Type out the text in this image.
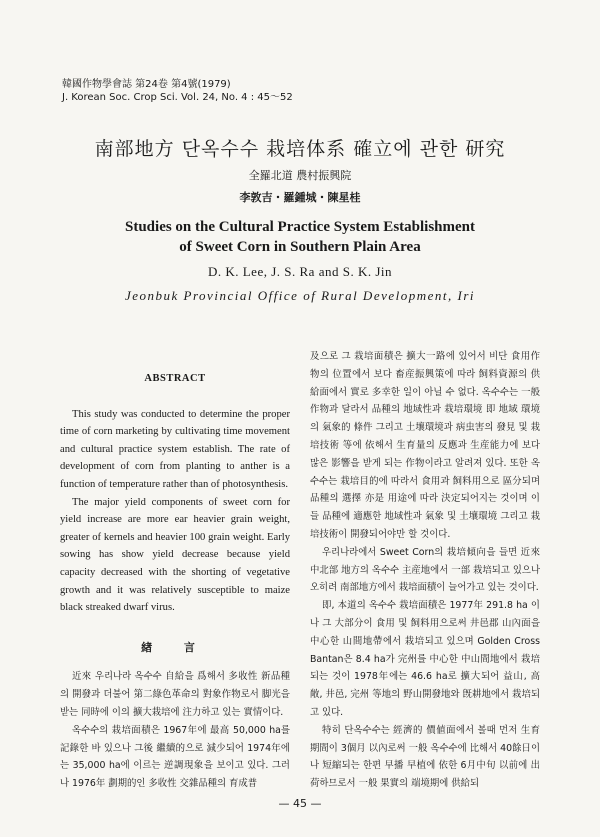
韓國作物學會誌 第24卷 第4號(1979)
J. Korean Soc. Crop Sci. Vol. 24, No. 4 : 45～52
南部地方 단옥수수 栽培体系 確立에 관한 研究
全羅北道 農村振興院
李敦吉・羅鍾城・陳星桂
Studies on the Cultural Practice System Establishment
of Sweet Corn in Southern Plain Area
D. K. Lee, J. S. Ra and S. K. Jin
Jeonbuk Provincial Office of Rural Development, Iri
ABSTRACT

This study was conducted to determine the proper time of corn marketing by cultivating time movement and cultural practice system establish. The rate of development of corn from planting to anther is a function of temperature rather than of photosynthesis.

The major yield components of sweet corn for yield increase are more ear heavier grain weight, greater of kernels and heavier 100 grain weight. Early sowing has show yield decrease because yield capacity decreased with the shorting of vegetative growth and it was relatively susceptible to maize black streaked dwarf virus.

緖 言

近來 우리나라 옥수수 自給을 爲해서 多收性 新品種의 開發과 더불어 第二綠色革命의 對象作物로서 脚光을 받는 同時에 이의 擴大栽培에 注力하고 있는 實情이다.

옥수수의 栽培面積은 1967年에 最高 50,000 ha를 記錄한 바 있으나 그後 繼續的으로 減少되어 1974年에는 35,000 ha에 이르는 逆調現象을 보이고 있다. 그러나 1976年 劃期的인 多收性 交雜品種의 育成普

及으로 그 栽培面積은 擴大一路에 있어서 비단 食用作物의 位置에서 보다 畜産振興策에 따라 飼料資源의 供給面에서 實로 多幸한 일이 아닐 수 없다. 옥수수는 一般作物과 달라서 品種의 地域性과 栽培環境 即 地域 環境의 氣象的 條件 그리고 土壤環境과 病虫害의 發見 및 栽培技術 等에 依해서 生育量의 反應과 生産能力에 보다 많은 影響을 받게 되는 作物이라고 알려져 있다. 또한 옥수수는 栽培目的에 따라서 食用과 飼料用으로 區分되며 品種의 選擇 亦是 用途에 따라 決定되어지는 것이며 이들 品種에 適應한 地域性과 氣象 및 土壤環境 그리고 栽培技術이 開發되어야만 할 것이다.

우리나라에서 Sweet Corn의 栽培傾向을 들면 近來 中北部 地方의 옥수수 主産地에서 一部 栽培되고 있으나 오히려 南部地方에서 栽培面積이 늘어가고 있는 것이다.

即, 本道의 옥수수 栽培面積은 1977年 291.8 ha 이나 그 大部分이 食用 및 飼料用으로써 井邑郡 山內面을 中心한 山間地帶에서 栽培되고 있으며 Golden Cross Bantan은 8.4 ha가 完州를 中心한 中山間地에서 栽培되는 것이 1978年에는 46.6 ha로 擴大되어 益山, 高敞, 井邑, 完州 等地의 野山開發地와 旣耕地에서 栽培되고 있다.

特히 단옥수수는 經濟的 價値面에서 볼때 먼저 生育期間이 3個月 以內로써 一般 옥수수에 比해서 40餘日이나 短縮되는 한편 早播 早植에 依한 6月中旬 以前에 出荷하므로서 一般 果實의 端境期에 供給되

— 45 —
